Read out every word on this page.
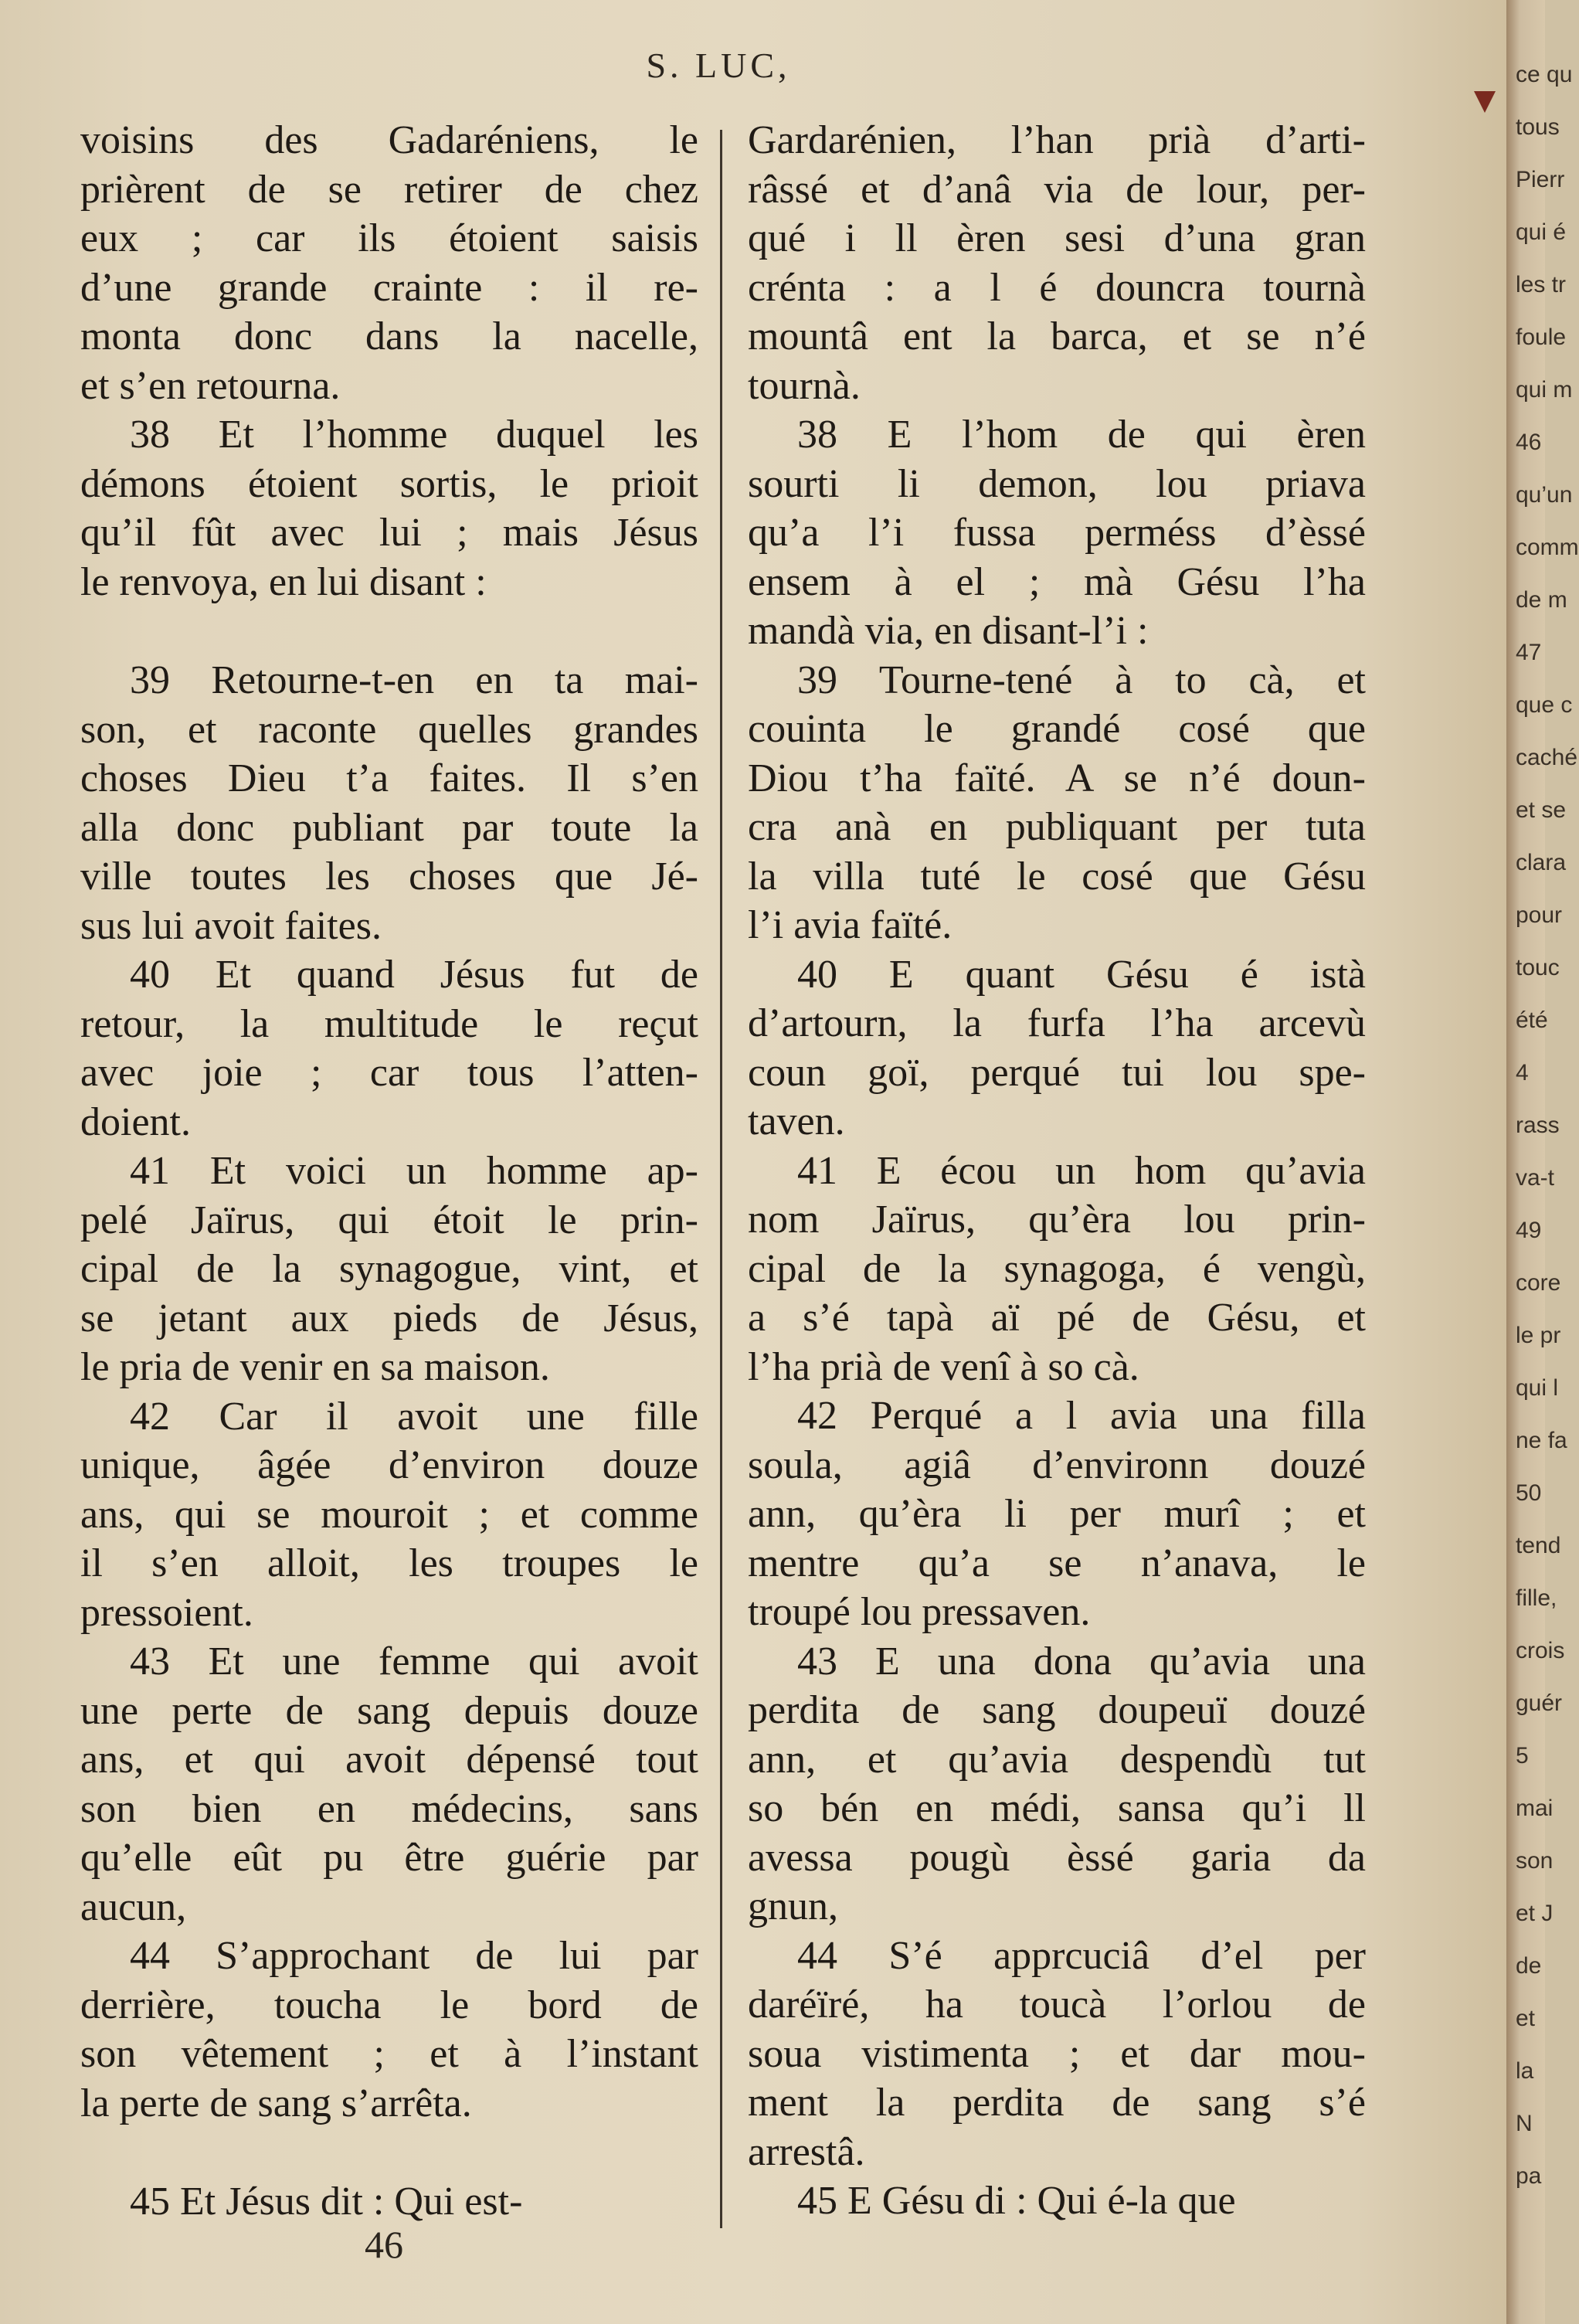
S. LUC,
voisins des Gadaréniens, le
prièrent de se retirer de chez
eux ; car ils étoient saisis
d’une grande crainte : il re-
monta donc dans la nacelle,
et s’en retourna.
38 Et l’homme duquel les
démons étoient sortis, le prioit
qu’il fût avec lui ; mais Jésus
le renvoya, en lui disant :
39 Retourne-t-en en ta mai-
son, et raconte quelles grandes
choses Dieu t’a faites. Il s’en
alla donc publiant par toute la
ville toutes les choses que Jé-
sus lui avoit faites.
40 Et quand Jésus fut de
retour, la multitude le reçut
avec joie ; car tous l’atten-
doient.
41 Et voici un homme ap-
pelé Jaïrus, qui étoit le prin-
cipal de la synagogue, vint, et
se jetant aux pieds de Jésus,
le pria de venir en sa maison.
42 Car il avoit une fille
unique, âgée d’environ douze
ans, qui se mouroit ; et comme
il s’en alloit, les troupes le
pressoient.
43 Et une femme qui avoit
une perte de sang depuis douze
ans, et qui avoit dépensé tout
son bien en médecins, sans
qu’elle eût pu être guérie par
aucun,
44 S’approchant de lui par
derrière, toucha le bord de
son vêtement ; et à l’instant
la perte de sang s’arrêta.
45 Et Jésus dit : Qui est-
Gardarénien, l’han prià d’arti-
râssé et d’anâ via de lour, per-
qué i ll èren sesi d’una gran
crénta : a l é douncra tournà
mountâ ent la barca, et se n’é
tournà.
38 E l’hom de qui èren
sourti li demon, lou priava
qu’a l’i fussa perméss d’èssé
ensem à el ; mà Gésu l’ha
mandà via, en disant-l’i :
39 Tourne-tené à to cà, et
couinta le grandé cosé que
Diou t’ha faïté. A se n’é doun-
cra anà en publiquant per tuta
la villa tuté le cosé que Gésu
l’i avia faïté.
40 E quant Gésu é istà
d’artourn, la furfa l’ha arcevù
coun goï, perqué tui lou spe-
taven.
41 E écou un hom qu’avia
nom Jaïrus, qu’èra lou prin-
cipal de la synagoga, é vengù,
a s’é tapà aï pé de Gésu, et
l’ha prià de venî à so cà.
42 Perqué a l avia una filla
soula, agiâ d’environn douzé
ann, qu’èra li per murî ; et
mentre qu’a se n’anava, le
troupé lou pressaven.
43 E una dona qu’avia una
perdita de sang doupeuï douzé
ann, et qu’avia despendù tut
so bén en médi, sansa qu’i ll
avessa pougù èssé garia da
gnun,
44 S’é apprcuciâ d’el per
daréïré, ha toucà l’orlou de
soua vistimenta ; et dar mou-
ment la perdita de sang s’é
arrestâ.
45 E Gésu di : Qui é-la que
46
ce qu
tous
Pierr
qui é
les tr
foule
qui m
46
qu’un
comm
de m
47
que c
caché
et se
clara
pour
touc
été
4
rass
va-t
49
core
le pr
qui l
ne fa
50
tend
fille,
crois
guér
5
mai
son
et J
de
et
la
N
pa
